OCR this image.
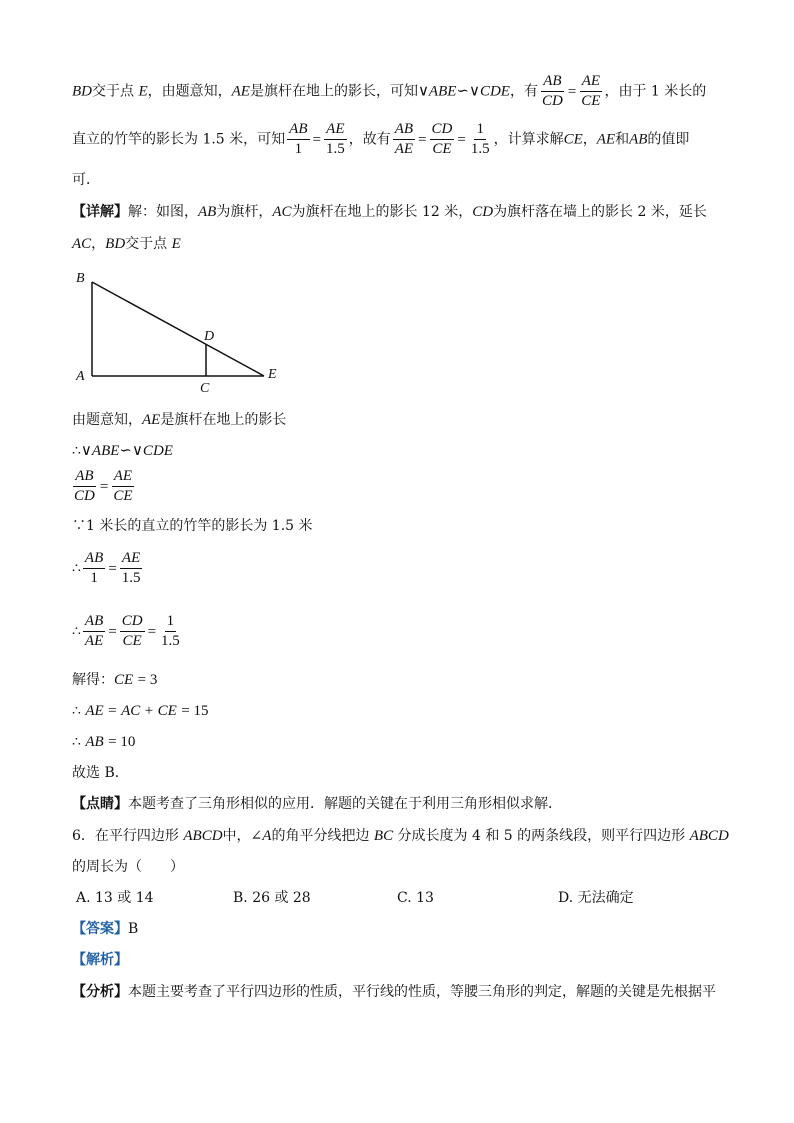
BD交于点 E，由题意知，AE是旗杆在地上的影长，可知∨ABE∽∨CDE，有 $\frac{AB}{CD} = \frac{AE}{CE}$ ，由于 1 米长的
直立的竹竿的影长为 1.5 米，可知 $\frac{AB}{1} = \frac{AE}{1.5}$ ，故有 $\frac{AB}{AE} = \frac{CD}{CE} = \frac{1}{1.5}$ ，计算求解CE，AE和AB的值即
可．
【详解】解：如图，AB为旗杆，AC为旗杆在地上的影长 12 米，CD为旗杆落在墙上的影长 2 米，延长
AC，BD交于点 E
B
A
C
D
E
由题意知，AE是旗杆在地上的影长
∴∨ABE∽∨CDE
$\frac{AB}{CD} = \frac{AE}{CE}$
∵1 米长的直立的竹竿的影长为 1.5 米
∴ $\frac{AB}{1} = \frac{AE}{1.5}$
∴ $\frac{AB}{AE} = \frac{CD}{CE} = \frac{1}{1.5}$
解得：CE = 3
∴ AE = AC + CE = 15
∴ AB = 10
故选 B．
【点睛】本题考查了三角形相似的应用．解题的关键在于利用三角形相似求解．
6．在平行四边形 ABCD中，∠A的角平分线把边 BC 分成长度为 4 和 5 的两条线段，则平行四边形 ABCD
的周长为（　　）
A. 13 或 14	B. 26 或 28	C. 13	D. 无法确定
【答案】B
【解析】
【分析】本题主要考查了平行四边形的性质，平行线的性质，等腰三角形的判定，解题的关键是先根据平
